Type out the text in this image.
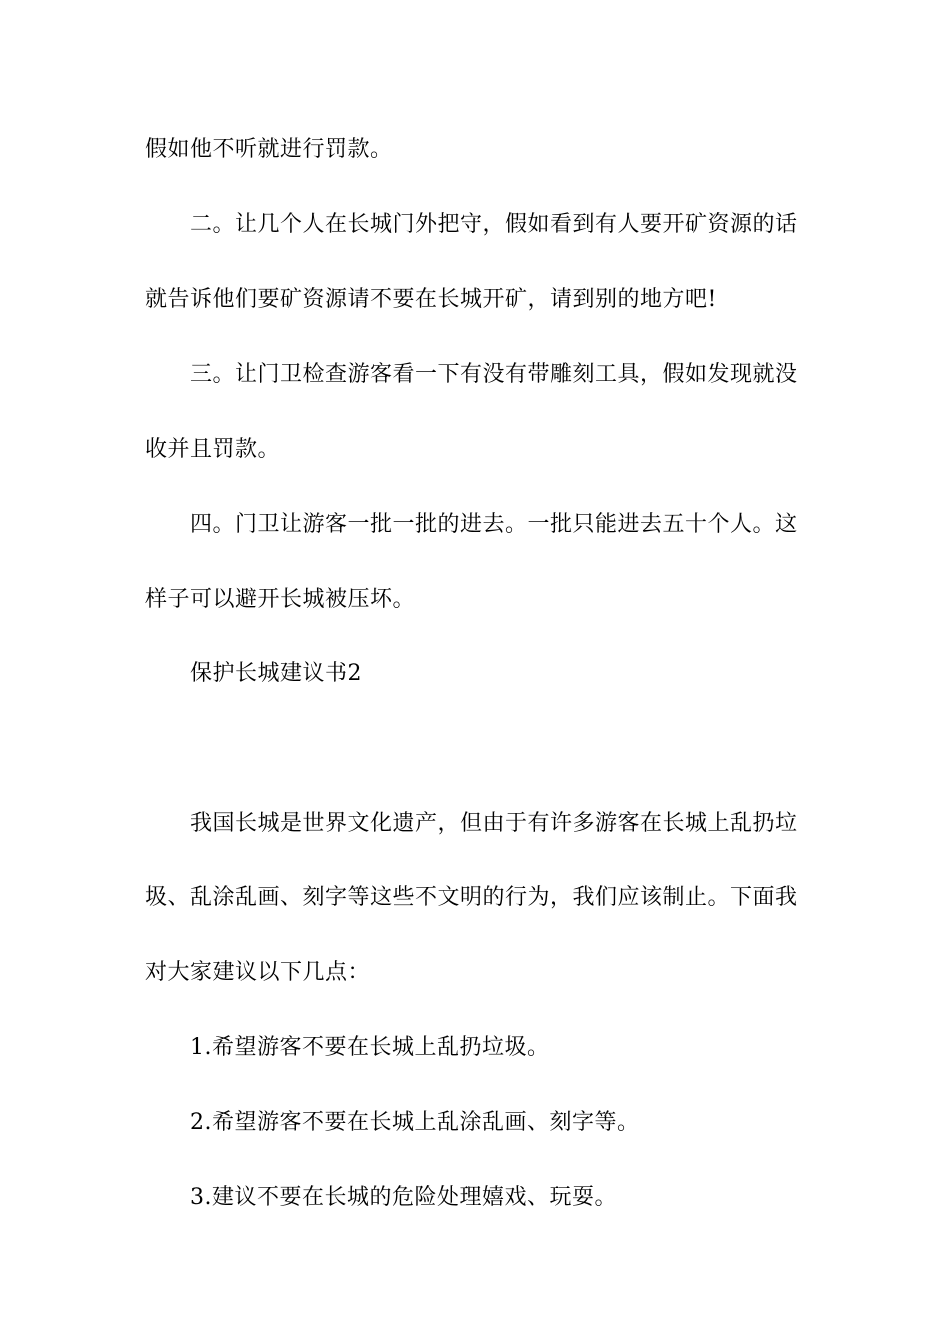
假如他不听就进行罚款。
二。让几个人在长城门外把守，假如看到有人要开矿资源的话
就告诉他们要矿资源请不要在长城开矿，请到别的地方吧!
三。让门卫检查游客看一下有没有带雕刻工具，假如发现就没
收并且罚款。
四。门卫让游客一批一批的进去。一批只能进去五十个人。这
样子可以避开长城被压坏。
保护长城建议书2
我国长城是世界文化遗产，但由于有许多游客在长城上乱扔垃
圾、乱涂乱画、刻字等这些不文明的行为，我们应该制止。下面我
对大家建议以下几点：
1.希望游客不要在长城上乱扔垃圾。
2.希望游客不要在长城上乱涂乱画、刻字等。
3.建议不要在长城的危险处理嬉戏、玩耍。
